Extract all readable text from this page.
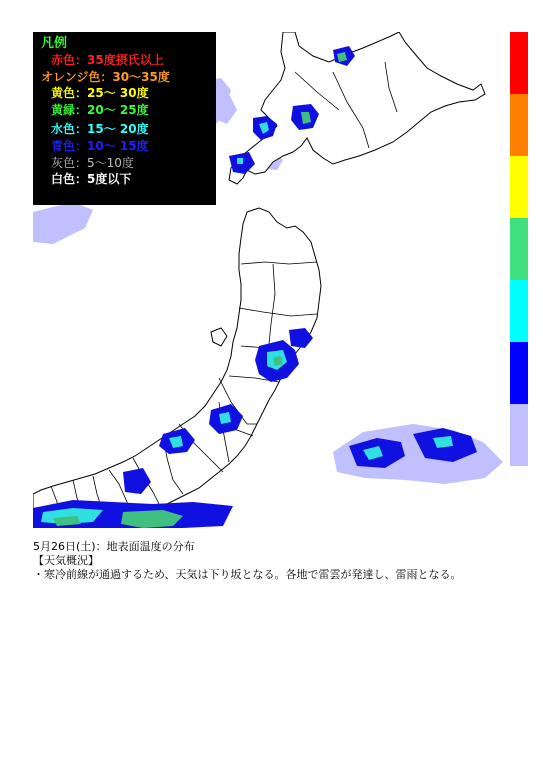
凡例
赤色：35度摂氏以上
オレンジ色：30～35度
黄色：25～ 30度
黄緑：20～ 25度
水色：15～ 20度
青色：10～ 15度
灰色：5～10度
白色：5度以下
5月26日(土)：地表面温度の分布
【天気概況】
・寒冷前線が通過するため、天気は下り坂となる。各地で雷雲が発達し、雷雨となる。
